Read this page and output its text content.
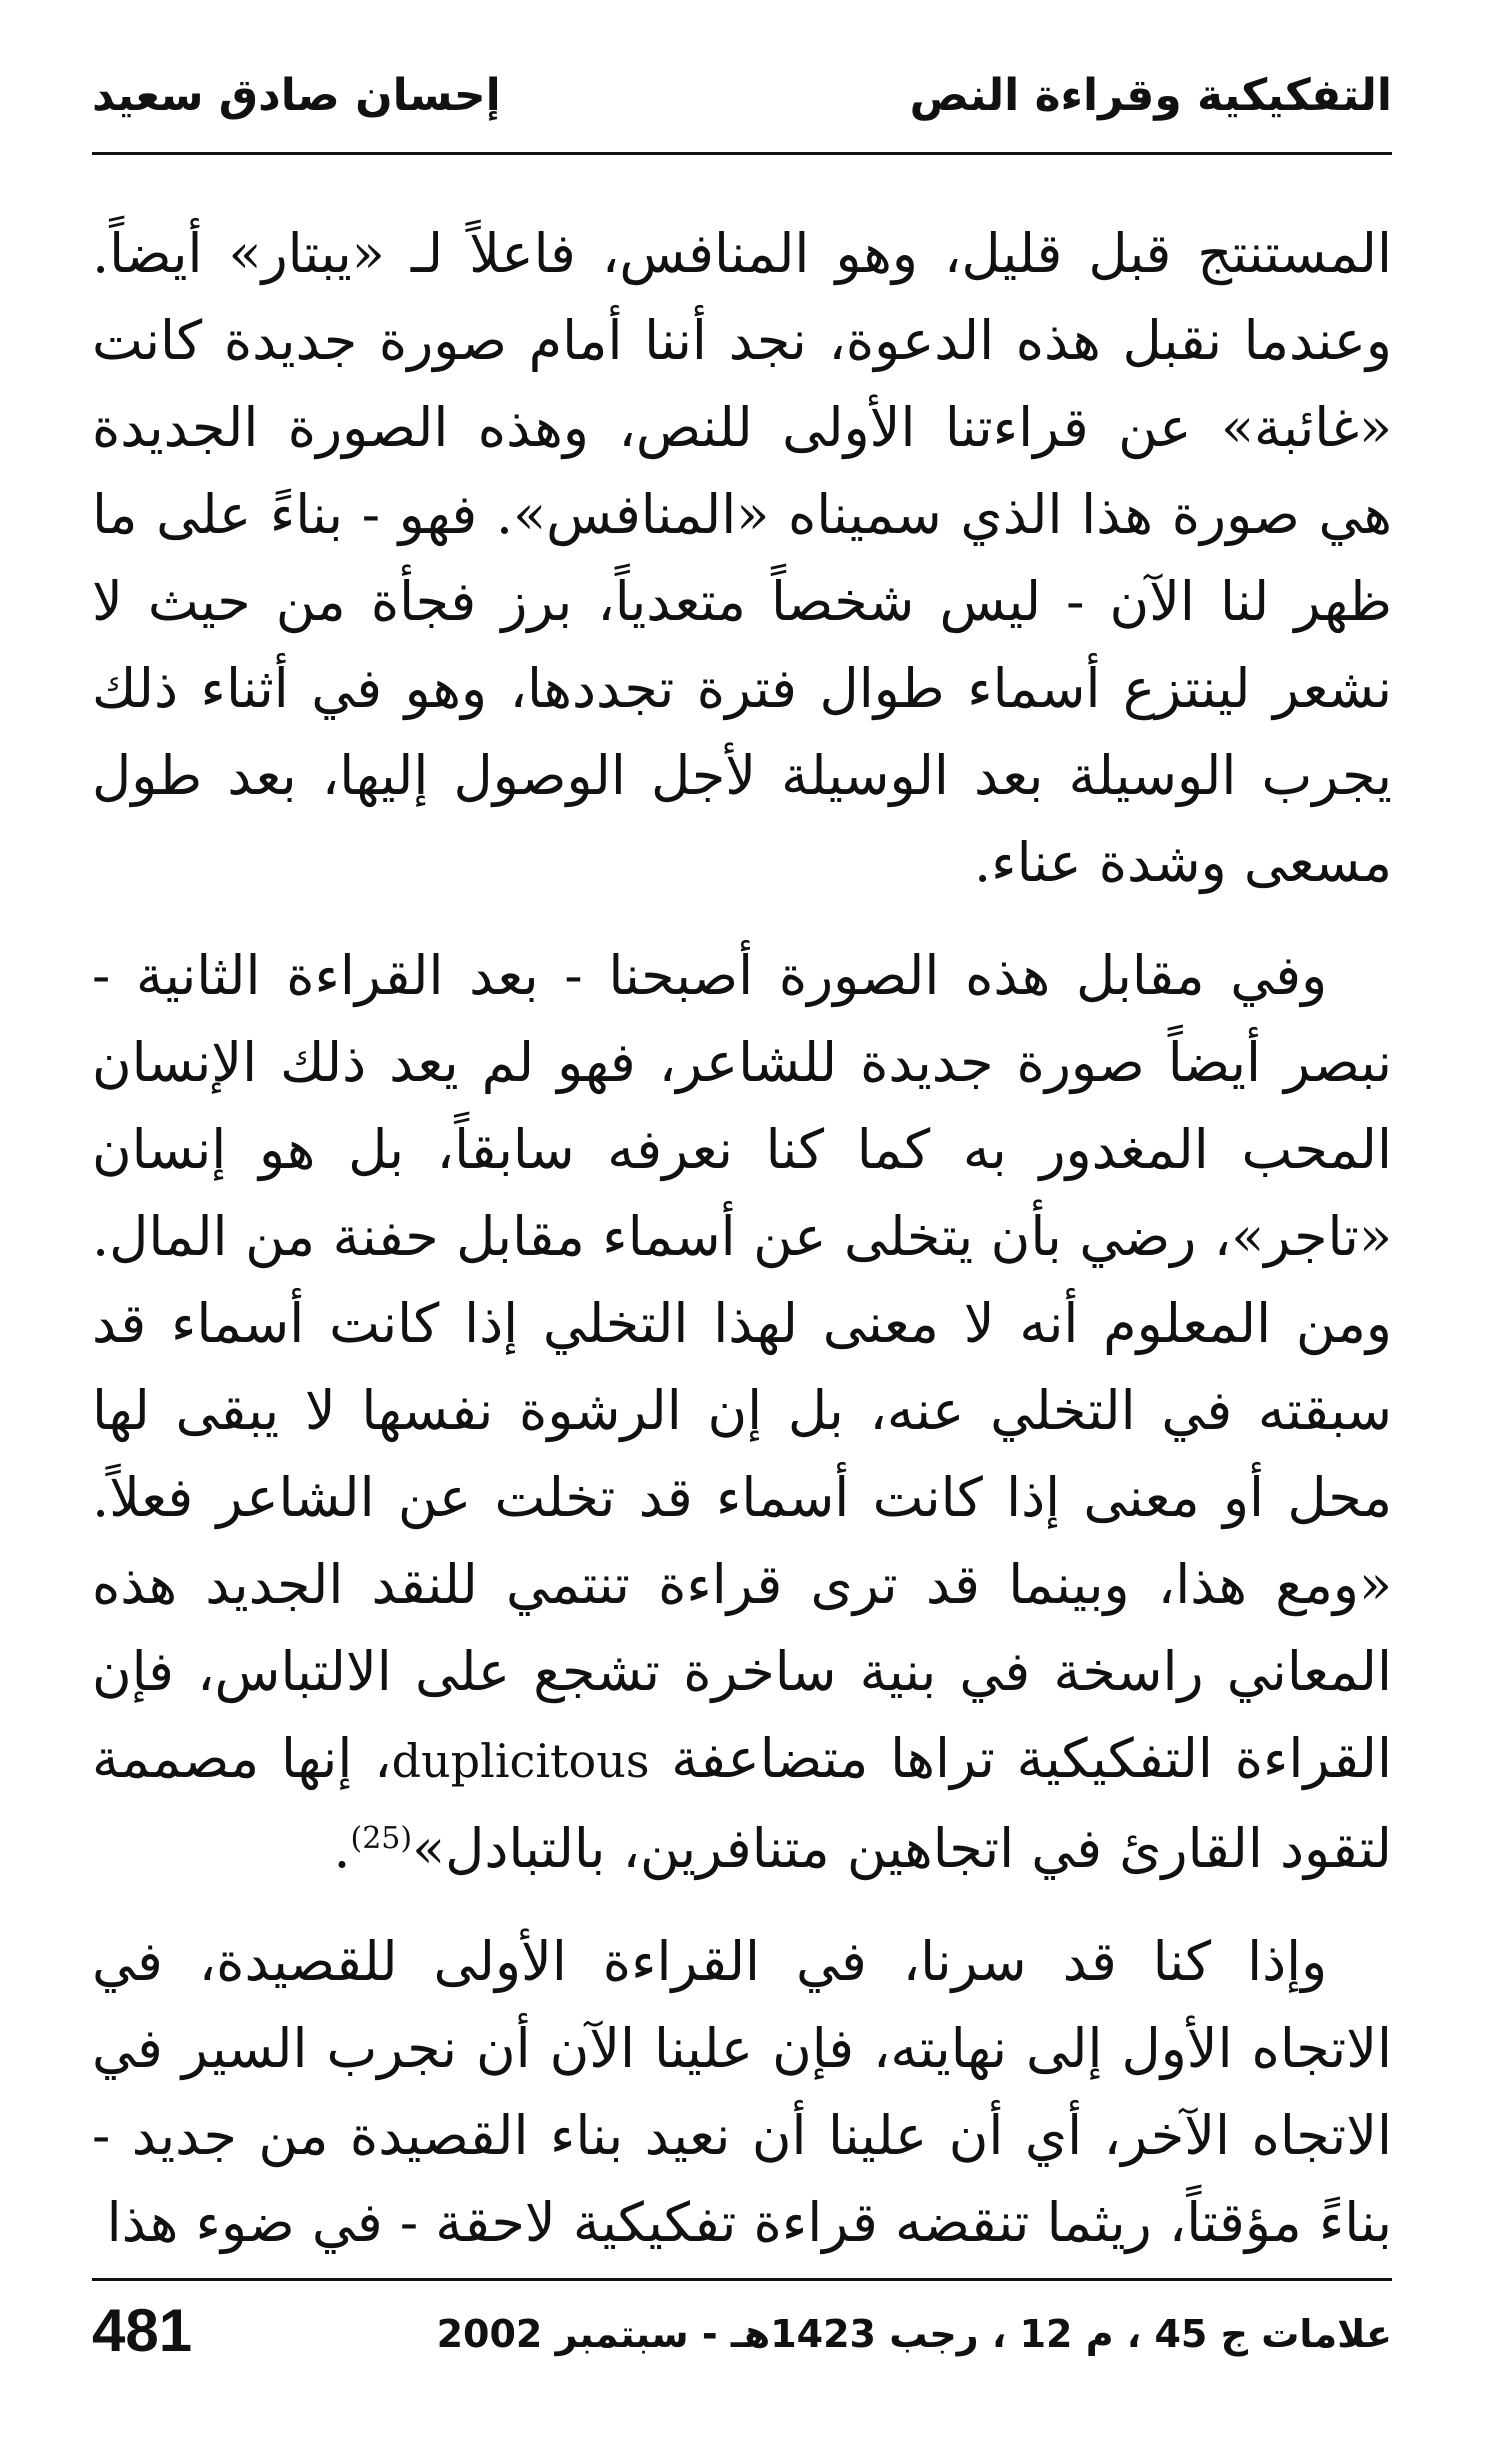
التفكيكية وقراءة النص
إحسان صادق سعيد

المستنتج قبل قليل، وهو المنافس، فاعلاً لـ «يبتار» أيضاً. وعندما نقبل هذه الدعوة، نجد أننا أمام صورة جديدة كانت «غائبة» عن قراءتنا الأولى للنص، وهذه الصورة الجديدة هي صورة هذا الذي سميناه «المنافس». فهو - بناءً على ما ظهر لنا الآن - ليس شخصاً متعدياً، برز فجأة من حيث لا نشعر لينتزع أسماء طوال فترة تجددها، وهو في أثناء ذلك يجرب الوسيلة بعد الوسيلة لأجل الوصول إليها، بعد طول مسعى وشدة عناء.

وفي مقابل هذه الصورة أصبحنا - بعد القراءة الثانية - نبصر أيضاً صورة جديدة للشاعر، فهو لم يعد ذلك الإنسان المحب المغدور به كما كنا نعرفه سابقاً، بل هو إنسان «تاجر»، رضي بأن يتخلى عن أسماء مقابل حفنة من المال. ومن المعلوم أنه لا معنى لهذا التخلي إذا كانت أسماء قد سبقته في التخلي عنه، بل إن الرشوة نفسها لا يبقى لها محل أو معنى إذا كانت أسماء قد تخلت عن الشاعر فعلاً. «ومع هذا، وبينما قد ترى قراءة تنتمي للنقد الجديد هذه المعاني راسخة في بنية ساخرة تشجع على الالتباس، فإن القراءة التفكيكية تراها متضاعفة duplicitous، إنها مصممة لتقود القارئ في اتجاهين متنافرين، بالتبادل»$^{(25)}$.

وإذا كنا قد سرنا، في القراءة الأولى للقصيدة، في الاتجاه الأول إلى نهايته، فإن علينا الآن أن نجرب السير في الاتجاه الآخر، أي أن علينا أن نعيد بناء القصيدة من جديد - بناءً مؤقتاً، ريثما تنقضه قراءة تفكيكية لاحقة - في ضوء هذا

علامات ج 45 ، م 12 ، رجب 1423هـ - سبتمبر 2002
481
